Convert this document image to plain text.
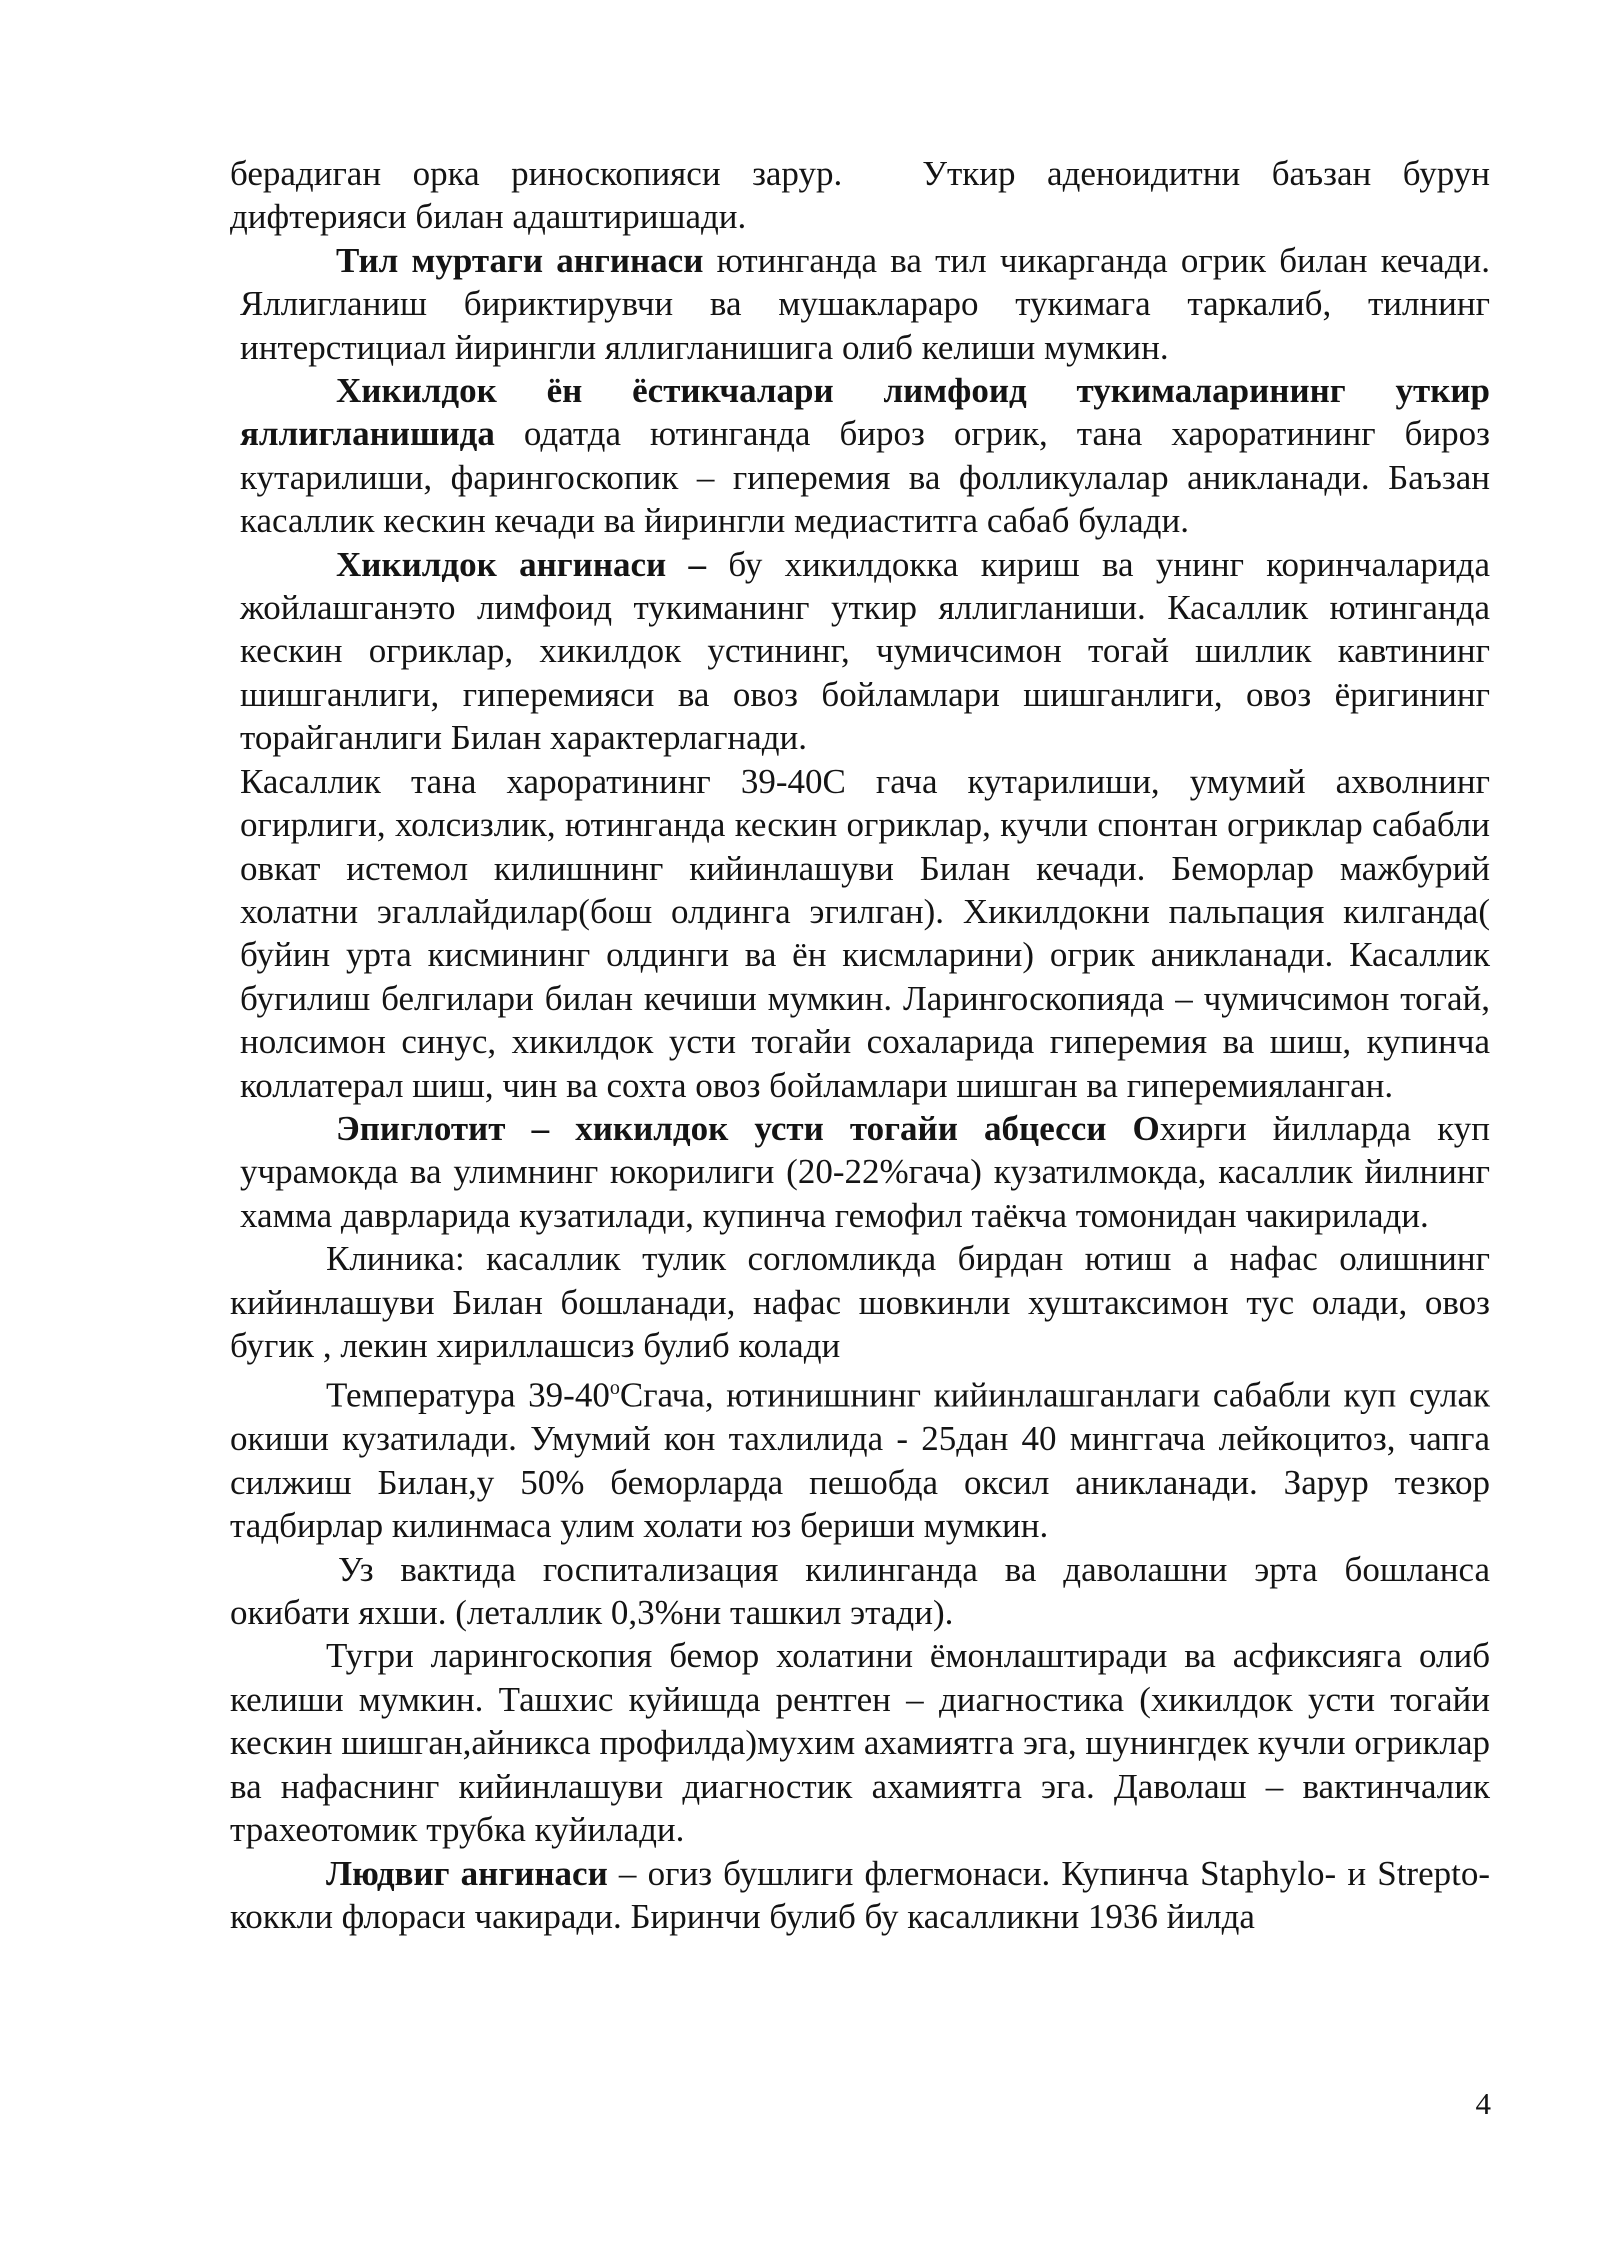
берадиган орка риноскопияси зарур. Уткир аденоидитни баъзан бурун дифтерияси билан адаштиришади.

Тил муртаги ангинаси ютинганда ва тил чикарганда огрик билан кечади. Яллигланиш бириктирувчи ва мушаклараро тукимага таркалиб, тилнинг интерстициал йирингли яллигланишига олиб келиши мумкин.

Хикилдок ён ёстикчалари лимфоид тукималарининг уткир яллигланишида одатда ютинганда бироз огрик, тана хароратининг бироз кутарилиши, фарингоскопик – гиперемия ва фолликулалар аникланади. Баъзан касаллик кескин кечади ва йирингли медиаститга сабаб булади.

Хикилдок ангинаси – бу хикилдокка кириш ва унинг коринчаларида жойлашганэто лимфоид тукиманинг уткир яллигланиши. Касаллик ютинганда кескин огриклар, хикилдок устининг, чумичсимон тогай шиллик кавтининг шишганлиги, гиперемияси ва овоз бойламлари шишганлиги, овоз ёригининг торайганлиги Билан характерлагнади.

Касаллик тана хароратининг 39-40С гача кутарилиши, умумий ахволнинг огирлиги, холсизлик, ютинганда кескин огриклар, кучли спонтан огриклар сабабли овкат истемол килишнинг кийинлашуви Билан кечади. Беморлар мажбурий холатни эгаллайдилар(бош олдинга эгилган). Хикилдокни пальпация килганда( буйин урта кисмининг олдинги ва ён кисмларини) огрик аникланади. Касаллик бугилиш белгилари билан кечиши мумкин. Ларингоскопияда – чумичсимон тогай, нолсимон синус, хикилдок усти тогайи сохаларида гиперемия ва шиш, купинча коллатерал шиш, чин ва сохта овоз бойламлари шишган ва гиперемияланган.

Эпиглотит – хикилдок усти тогайи абцесси Охирги йилларда куп учрамокда ва улимнинг юкорилиги (20-22%гача) кузатилмокда, касаллик йилнинг хамма даврларида кузатилади, купинча гемофил таёкча томонидан чакирилади.

Клиника: касаллик тулик согломликда бирдан ютиш а нафас олишнинг кийинлашуви Билан бошланади, нафас шовкинли хуштаксимон тус олади, овоз бугик , лекин хириллашсиз булиб колади

Температура $39-40^оСгача$, ютинишнинг кийинлашганлаги сабабли куп сулак окиши кузатилади. Умумий кон тахлилида - 25дан 40 минггача лейкоцитоз, чапга силжиш Билан,у 50% беморларда пешобда оксил аникланади. Зарур тезкор тадбирлар килинмаса улим холати юз бериши мумкин.

Уз вактида госпитализация килинганда ва даволашни эрта бошланса окибати яхши. (леталлик 0,3%ни ташкил этади).

Тугри ларингоскопия бемор холатини ёмонлаштиради ва асфиксияга олиб келиши мумкин. Ташхис куйишда рентген – диагностика (хикилдок усти тогайи кескин шишган,айникса профилда)мухим ахамиятга эга, шунингдек кучли огриклар ва нафаснинг кийинлашуви диагностик ахамиятга эга. Даволаш – вактинчалик трахеотомик трубка куйилади.

Людвиг ангинаси – огиз бушлиги флегмонаси. Купинча Staphylo- и Strepto-коккли флораси чакиради. Биринчи булиб бу касалликни 1936 йилда

4
